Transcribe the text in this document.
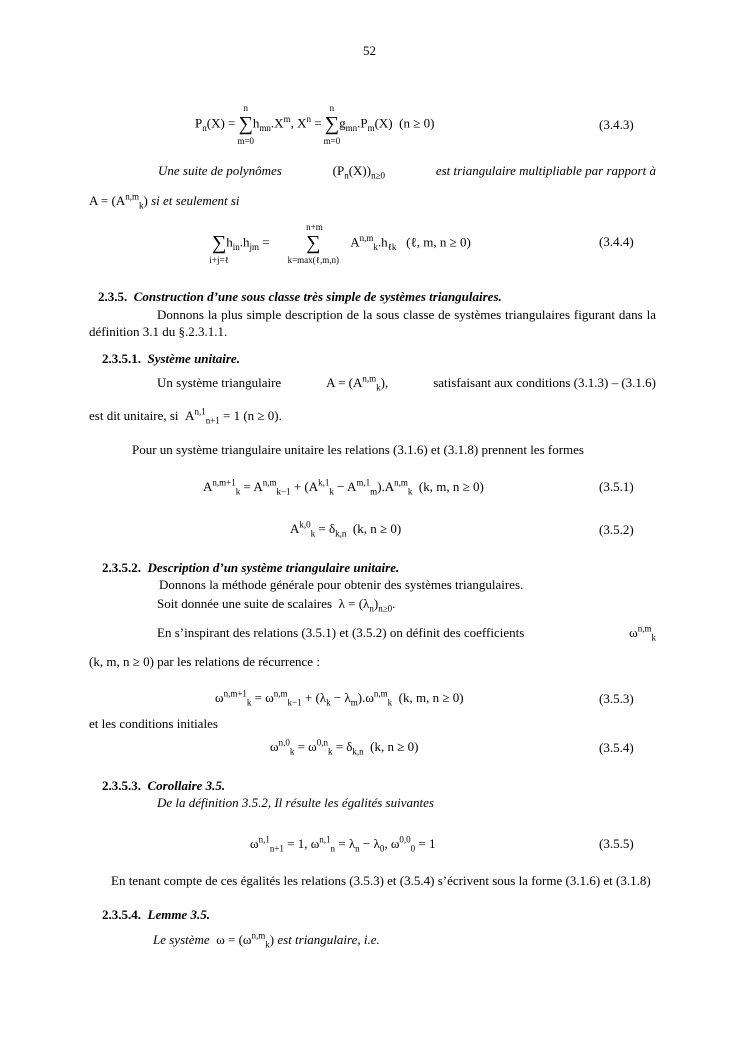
52
$P_n(X)$ =
n
∑
m=0
$h_{mn}.X^m$, $X^n$ =
n
∑
m=0
$g_{mn}.P_m(X) (n \ge 0)$	(3.4.3)
Une suite de polynômes	$(P_n(X))_{n\ge 0}$	est triangulaire multipliable par rapport à
$A = (A^{n,m}_k)$ si et seulement si
∑
i+j=ℓ
$h_{in}.h_{jm}$ =
n+m
∑
k=max(ℓ,m,n)
$A^{n,m}_k.h_{\ell k}$ (ℓ, m, n ≥ 0)	(3.4.4)
2.3.5. Construction d’une sous classe très simple de systèmes triangulaires.
Donnons la plus simple description de la sous classe de systèmes triangulaires figurant dans la définition 3.1 du §.2.3.1.1.
2.3.5.1. Système unitaire.
Un système triangulaire	$A = (A^{n,m}_k)$,	satisfaisant aux conditions (3.1.3) – (3.1.6)
est dit unitaire, si A$^{n,1}_{n+1}$ = 1 (n ≥ 0).
Pour un système triangulaire unitaire les relations (3.1.6) et (3.1.8) prennent les formes
$A^{n,m+1}_k = A^{n,m}_{k-1} + (A^{k,1}_k - A^{m,1}_m).A^{n,m}_k$ (k, m, n ≥ 0)	(3.5.1)
$A^{k,0}_k = \delta_{k,n}$ (k, n ≥ 0)	(3.5.2)
2.3.5.2. Description d’un système triangulaire unitaire.
Donnons la méthode générale pour obtenir des systèmes triangulaires.
Soit donnée une suite de scalaires $\lambda = (\lambda_n)_{n\ge 0}$.
En s’inspirant des relations (3.5.1) et (3.5.2) on définit des coefficients	$\omega^{n,m}_k$
(k, m, n ≥ 0) par les relations de récurrence :
$\omega^{n,m+1}_k = \omega^{n,m}_{k-1} + (\lambda_k - \lambda_m).\omega^{n,m}_k$ (k, m, n ≥ 0)	(3.5.3)
et les conditions initiales
$\omega^{n,0}_k = \omega^{0,n}_k = \delta_{k,n}$ (k, n ≥ 0)	(3.5.4)
2.3.5.3. Corollaire 3.5.
De la définition 3.5.2, Il résulte les égalités suivantes
$\omega^{n,1}_{n+1} = 1$, $\omega^{n,1}_n = \lambda_n - \lambda_0$, $\omega^{0,0}_0 = 1$	(3.5.5)
En tenant compte de ces égalités les relations (3.5.3) et (3.5.4) s’écrivent sous la forme (3.1.6) et (3.1.8)
2.3.5.4. Lemme 3.5.
Le système $\omega = (\omega^{n,m}_k)$ est triangulaire, i.e.
